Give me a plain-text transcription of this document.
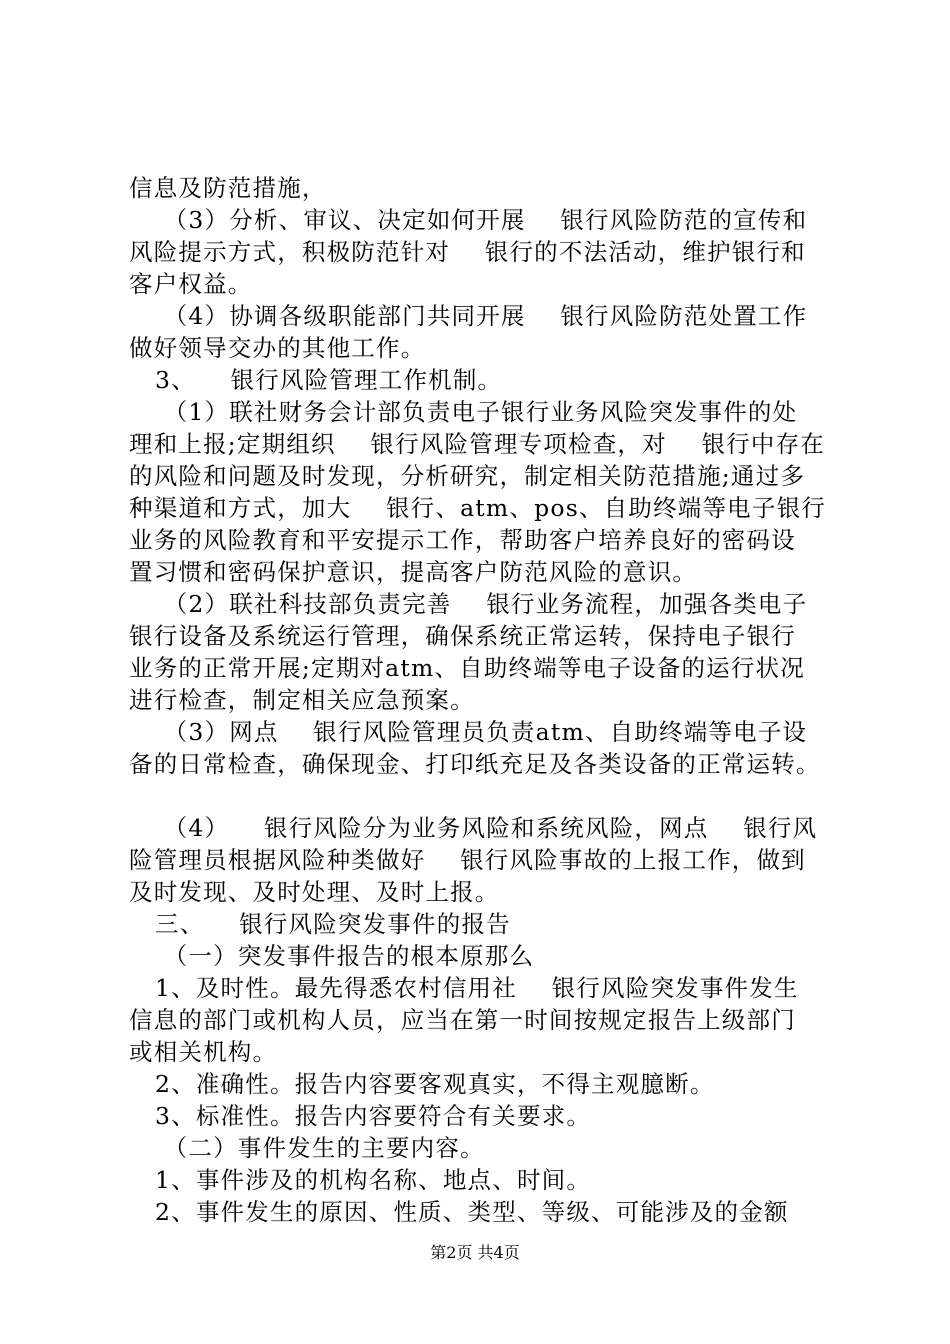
信息及防范措施，
（3）分析、审议、决定如何开展    银行风险防范的宣传和
风险提示方式，积极防范针对    银行的不法活动，维护银行和
客户权益。
（4）协调各级职能部门共同开展    银行风险防范处置工作
做好领导交办的其他工作。
3、    银行风险管理工作机制。
（1）联社财务会计部负责电子银行业务风险突发事件的处
理和上报;定期组织    银行风险管理专项检查，对    银行中存在
的风险和问题及时发现，分析研究，制定相关防范措施;通过多
种渠道和方式，加大    银行、atm、pos、自助终端等电子银行
业务的风险教育和平安提示工作，帮助客户培养良好的密码设
置习惯和密码保护意识，提高客户防范风险的意识。
（2）联社科技部负责完善    银行业务流程，加强各类电子
银行设备及系统运行管理，确保系统正常运转，保持电子银行
业务的正常开展;定期对atm、自助终端等电子设备的运行状况
进行检查，制定相关应急预案。
（3）网点    银行风险管理员负责atm、自助终端等电子设
备的日常检查，确保现金、打印纸充足及各类设备的正常运转。
（4）    银行风险分为业务风险和系统风险，网点    银行风
险管理员根据风险种类做好    银行风险事故的上报工作，做到
及时发现、及时处理、及时上报。
三、    银行风险突发事件的报告
（一）突发事件报告的根本原那么
1、及时性。最先得悉农村信用社    银行风险突发事件发生
信息的部门或机构人员，应当在第一时间按规定报告上级部门
或相关机构。
2、准确性。报告内容要客观真实，不得主观臆断。
3、标准性。报告内容要符合有关要求。
（二）事件发生的主要内容。
1、事件涉及的机构名称、地点、时间。
2、事件发生的原因、性质、类型、等级、可能涉及的金额
第2页 共4页
